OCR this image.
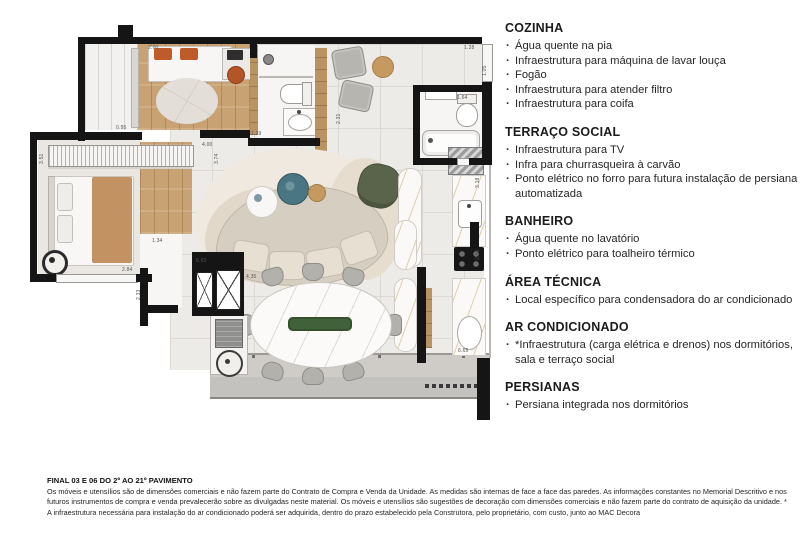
2.00
0.95
3.51
2.31
4.00
3.74
1.28
1.05
1.64
1.29
2.84
1.34
2.33
6.02
4.35
3.18
2.50
6.65

COZINHA

· Água quente na pia

· Infraestrutura para máquina de lavar louça

· Fogão

· Infraestrutura para atender filtro

· Infraestrutura para coifa

TERRAÇO SOCIAL

· Infraestrutura para TV

· Infra para churrasqueira à carvão

· Ponto elétrico no forro para futura instalação de persiana automatizada

BANHEIRO

· Água quente no lavatório

· Ponto elétrico para toalheiro térmico

ÁREA TÉCNICA

· Local específico para condensadora do ar condicionado

AR CONDICIONADO

· *Infraestrutura (carga elétrica e drenos) nos dormitórios, sala e terraço social

PERSIANAS

· Persiana integrada nos dormitórios

FINAL 03 E 06 DO 2º AO 21º PAVIMENTO

Os móveis e utensílios são de dimensões comerciais e não fazem parte do Contrato de Compra e Venda da Unidade. As medidas são internas de face a face das paredes. As informações constantes no Memorial Descritivo e nos futuros instrumentos de compra e venda prevalecerão sobre as divulgadas neste material. Os móveis e utensílios são sugestões de decoração com dimensões comerciais e não fazem parte do contrato de aquisição da unidade. * A infraestrutura necessária para instalação do ar condicionado poderá ser adquirida, dentro do prazo estabelecido pela Construtora, pelo proprietário, com custo, junto ao MAC Decora
